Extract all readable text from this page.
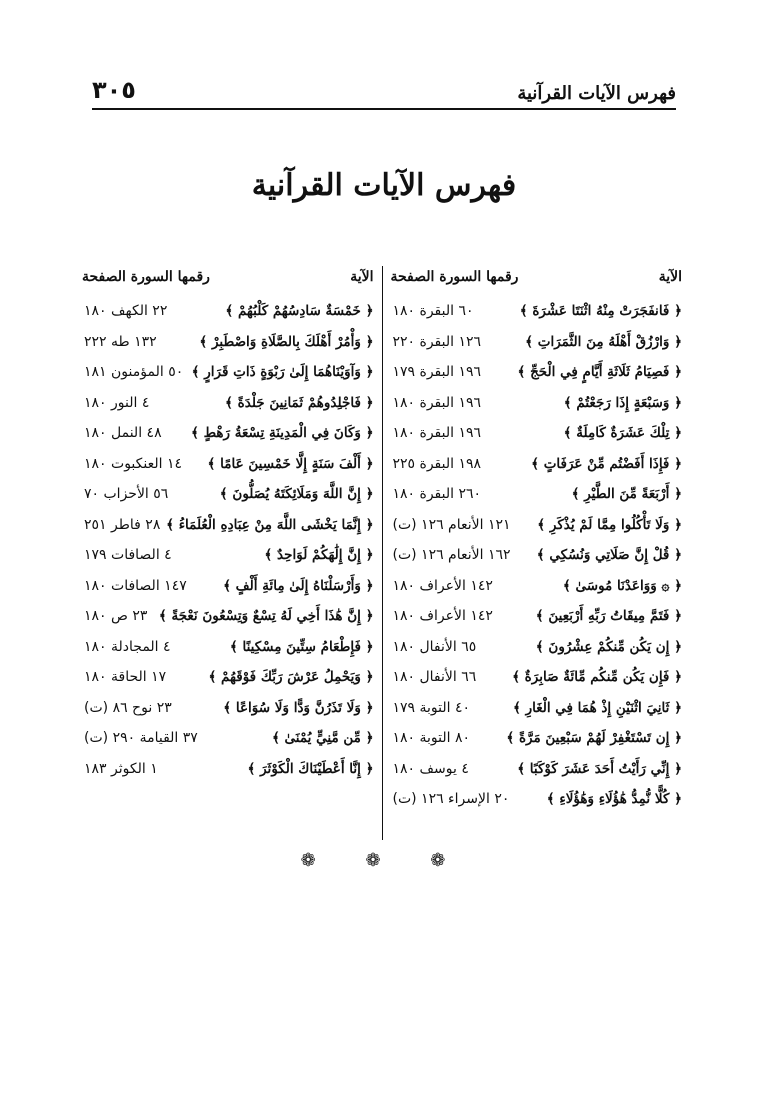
٣٠٥	فهرس الآيات القرآنية
فهرس الآيات القرآنية
الآية
رقمها السورة الصفحة
﴿ فَانفَجَرَتْ مِنْهُ اثْنَتَا عَشْرَةَ ﴾
٦٠ البقرة ١٨٠
﴿ وَارْزُقْ أَهْلَهُ مِنَ الثَّمَرَاتِ ﴾
١٢٦ البقرة ٢٢٠
﴿ فَصِيَامُ ثَلَاثَةِ أَيَّامٍ فِي الْحَجِّ ﴾
١٩٦ البقرة ١٧٩
﴿ وَسَبْعَةٍ إِذَا رَجَعْتُمْ ﴾
١٩٦ البقرة ١٨٠
﴿ تِلْكَ عَشَرَةٌ كَامِلَةٌ ﴾
١٩٦ البقرة ١٨٠
﴿ فَإِذَا أَفَضْتُم مِّنْ عَرَفَاتٍ ﴾
١٩٨ البقرة ٢٢٥
﴿ أَرْبَعَةً مِّنَ الطَّيْرِ ﴾
٢٦٠ البقرة ١٨٠
﴿ وَلَا تَأْكُلُوا مِمَّا لَمْ يُذْكَرِ ﴾
١٢١ الأنعام ١٢٦ (ت)
﴿ قُلْ إِنَّ صَلَاتِي وَنُسُكِي ﴾
١٦٢ الأنعام ١٢٦ (ت)
﴿ ۞ وَوَاعَدْنَا مُوسَىٰ ﴾
١٤٢ الأعراف ١٨٠
﴿ فَتَمَّ مِيقَاتُ رَبِّهِ أَرْبَعِينَ ﴾
١٤٢ الأعراف ١٨٠
﴿ إِن يَكُن مِّنكُمْ عِشْرُونَ ﴾
٦٥ الأنفال ١٨٠
﴿ فَإِن يَكُن مِّنكُم مِّائَةٌ صَابِرَةٌ ﴾
٦٦ الأنفال ١٨٠
﴿ ثَانِيَ اثْنَيْنِ إِذْ هُمَا فِي الْغَارِ ﴾
٤٠ التوبة ١٧٩
﴿ إِن تَسْتَغْفِرْ لَهُمْ سَبْعِينَ مَرَّةً ﴾
٨٠ التوبة ١٨٠
﴿ إِنِّي رَأَيْتُ أَحَدَ عَشَرَ كَوْكَبًا ﴾
٤ يوسف ١٨٠
﴿ كُلًّا نُّمِدُّ هَٰؤُلَاءِ وَهَٰؤُلَاءِ ﴾
٢٠ الإسراء ١٢٦ (ت)
الآية
رقمها السورة الصفحة
﴿ خَمْسَةٌ سَادِسُهُمْ كَلْبُهُمْ ﴾
٢٢ الكهف ١٨٠
﴿ وَأْمُرْ أَهْلَكَ بِالصَّلَاةِ وَاصْطَبِرْ ﴾
١٣٢ طه ٢٢٢
﴿ وَآوَيْنَاهُمَا إِلَىٰ رَبْوَةٍ ذَاتِ قَرَارٍ ﴾
٥٠ المؤمنون ١٨١
﴿ فَاجْلِدُوهُمْ ثَمَانِينَ جَلْدَةً ﴾
٤ النور ١٨٠
﴿ وَكَانَ فِي الْمَدِينَةِ تِسْعَةُ رَهْطٍ ﴾
٤٨ النمل ١٨٠
﴿ أَلْفَ سَنَةٍ إِلَّا خَمْسِينَ عَامًا ﴾
١٤ العنكبوت ١٨٠
﴿ إِنَّ اللَّهَ وَمَلَائِكَتَهُ يُصَلُّونَ ﴾
٥٦ الأحزاب ٧٠
﴿ إِنَّمَا يَخْشَى اللَّهَ مِنْ عِبَادِهِ الْعُلَمَاءُ ﴾
٢٨ فاطر ٢٥١
﴿ إِنَّ إِلَٰهَكُمْ لَوَاحِدٌ ﴾
٤ الصافات ١٧٩
﴿ وَأَرْسَلْنَاهُ إِلَىٰ مِائَةِ أَلْفٍ ﴾
١٤٧ الصافات ١٨٠
﴿ إِنَّ هَٰذَا أَخِي لَهُ تِسْعٌ وَتِسْعُونَ نَعْجَةً ﴾
٢٣ ص ١٨٠
﴿ فَإِطْعَامُ سِتِّينَ مِسْكِينًا ﴾
٤ المجادلة ١٨٠
﴿ وَيَحْمِلُ عَرْشَ رَبِّكَ فَوْقَهُمْ ﴾
١٧ الحاقة ١٨٠
﴿ وَلَا تَذَرُنَّ وَدًّا وَلَا سُوَاعًا ﴾
٢٣ نوح ٨٦ (ت)
﴿ مِّن مَّنِيٍّ يُمْنَىٰ ﴾
٣٧ القيامة ٢٩٠ (ت)
﴿ إِنَّا أَعْطَيْنَاكَ الْكَوْثَرَ ﴾
١ الكوثر ١٨٣
❁ ❁ ❁
